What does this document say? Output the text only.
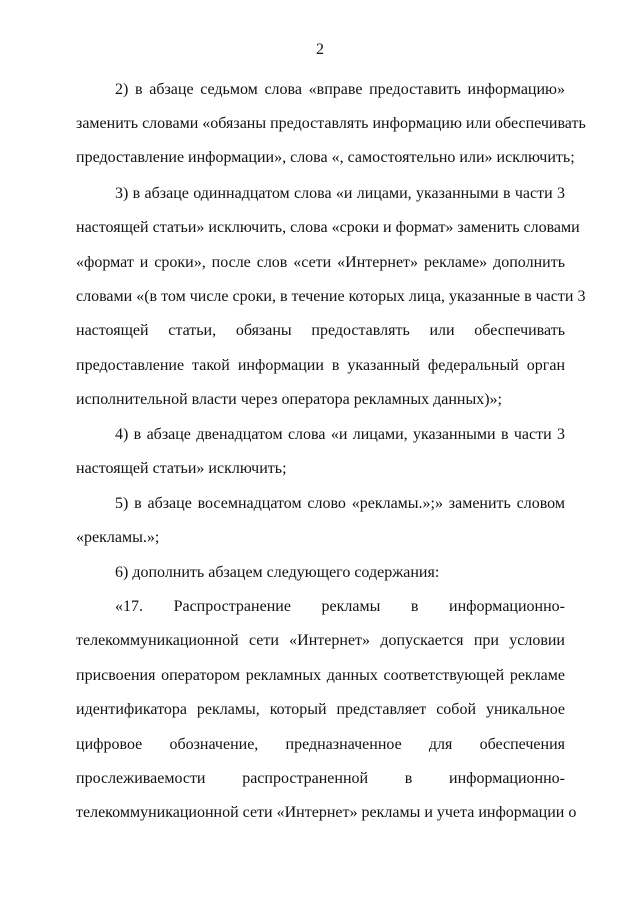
2
2) в абзаце седьмом слова «вправе предоставить информацию»
заменить словами «обязаны предоставлять информацию или обеспечивать
предоставление информации», слова «, самостоятельно или» исключить;
3) в абзаце одиннадцатом слова «и лицами, указанными в части 3
настоящей статьи» исключить, слова «сроки и формат» заменить словами
«формат и сроки», после слов «сети «Интернет» рекламе» дополнить
словами «(в том числе сроки, в течение которых лица, указанные в части 3
настоящей статьи, обязаны предоставлять или обеспечивать
предоставление такой информации в указанный федеральный орган
исполнительной власти через оператора рекламных данных)»;
4) в абзаце двенадцатом слова «и лицами, указанными в части 3
настоящей статьи» исключить;
5) в абзаце восемнадцатом слово «рекламы.»;» заменить словом
«рекламы.»;
6) дополнить абзацем следующего содержания:
«17. Распространение рекламы в информационно-
телекоммуникационной сети «Интернет» допускается при условии
присвоения оператором рекламных данных соответствующей рекламе
идентификатора рекламы, который представляет собой уникальное
цифровое обозначение, предназначенное для обеспечения
прослеживаемости распространенной в информационно-
телекоммуникационной сети «Интернет» рекламы и учета информации о
